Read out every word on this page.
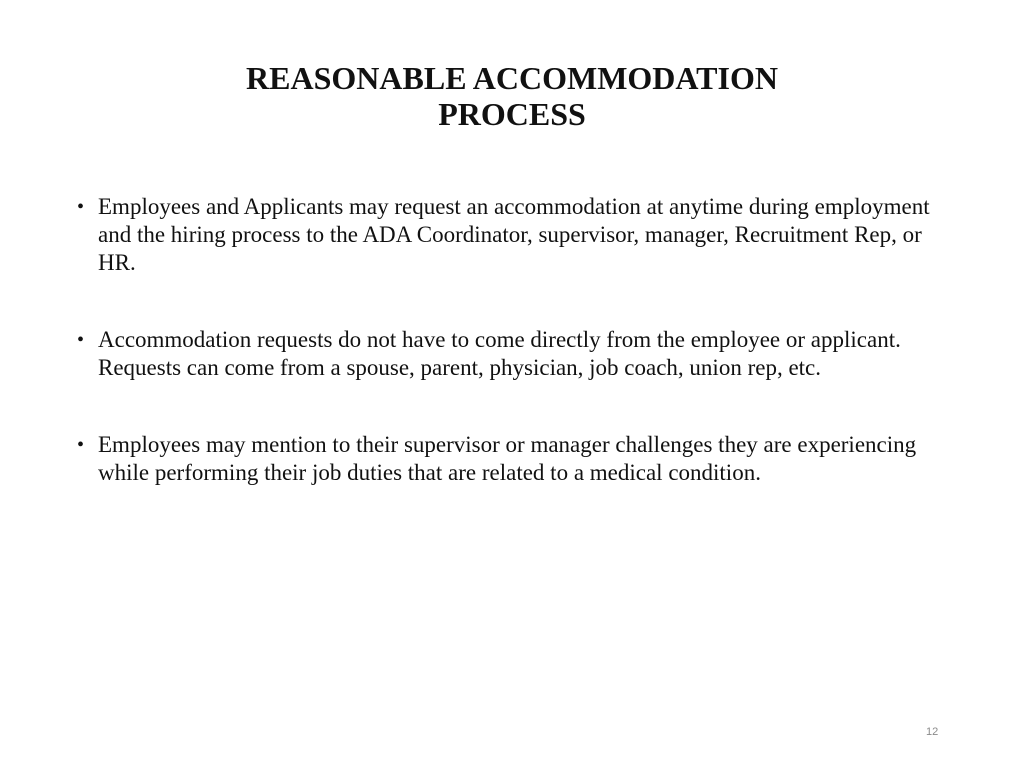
REASONABLE ACCOMMODATION
PROCESS
• Employees and Applicants may request an accommodation at anytime during employment and the hiring process to the ADA Coordinator, supervisor, manager, Recruitment Rep, or HR.
• Accommodation requests do not have to come directly from the employee or applicant. Requests can come from a spouse, parent, physician, job coach, union rep, etc.
• Employees may mention to their supervisor or manager challenges they are experiencing while performing their job duties that are related to a medical condition.
12
